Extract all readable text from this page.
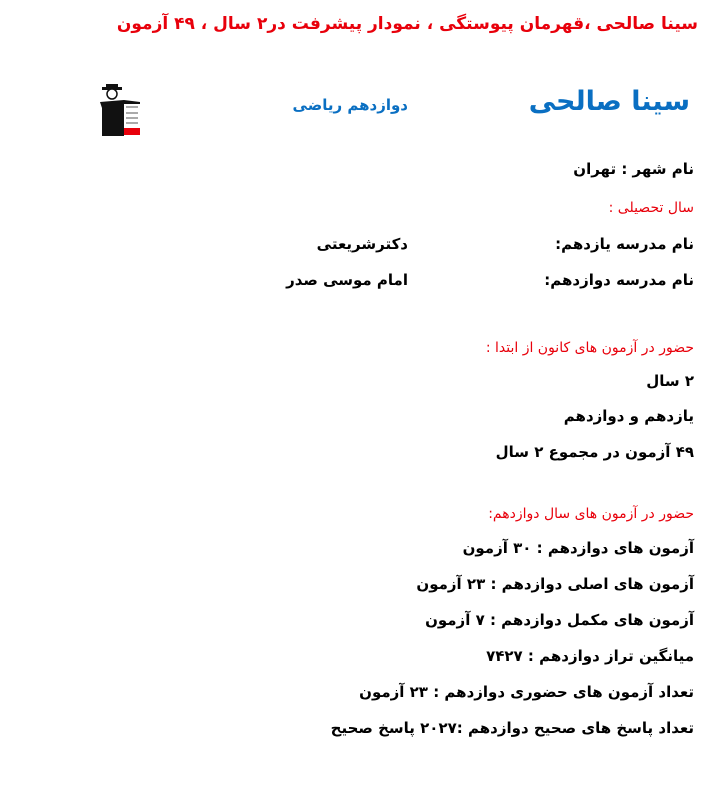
سینا صالحی ،قهرمان پیوستگی ، نمودار پیشرفت در۲ سال ، ۴۹ آزمون
سینا صالحی
دوازدهم ریاضی
نام شهر : تهران
سال تحصیلی :
نام مدرسه یازدهم:
دکترشریعتی
نام مدرسه دوازدهم:
امام موسی صدر
حضور در آزمون های کانون از ابتدا :
۲ سال
یازدهم و دوازدهم
۴۹ آزمون در مجموع ۲ سال
حضور در آزمون های سال دوازدهم:
آزمون های دوازدهم : ۳۰ آزمون
آزمون های اصلی دوازدهم : ۲۳ آزمون
آزمون های مکمل دوازدهم : ۷ آزمون
میانگین تراز دوازدهم : ۷۴۲۷
تعداد آزمون های حضوری دوازدهم : ۲۳ آزمون
تعداد پاسخ های صحیح دوازدهم :۲۰۲۷ پاسخ صحیح
